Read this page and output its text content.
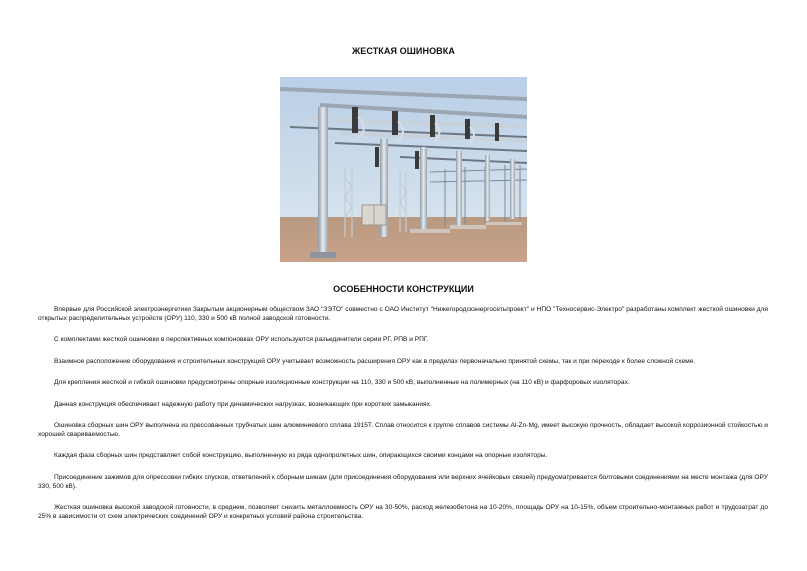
ЖЕСТКАЯ ОШИНОВКА
ОСОБЕННОСТИ КОНСТРУКЦИИ

Впервые для Российской электроэнергетики Закрытым акционерным обществом ЗАО "ЗЭТО" совместно с ОАО Институт "Нижегородскэнергосетьпроект" и НПО "Техносервис-Электро" разработаны комплект жесткой ошиновки для открытых распределительных устройств (ОРУ) 110, 330 и 500 кВ полной заводской готовности.

С комплектами жесткой ошиновки в перспективных компоновках ОРУ используются разъединители серии РГ, РПВ и РПГ.

Взаимное расположение оборудования и строительных конструкций ОРУ учитывает возможность расширения ОРУ как в пределах первоначально принятой схемы, так и при переходе к более сложной схеме.

Для крепления жесткой и гибкой ошиновки предусмотрены опорные изоляционные конструкции на 110, 330 и 500 кВ, выполненные на полимерных (на 110 кВ) и фарфоровых изоляторах.

Данная конструкция обеспечивает надежную работу при динамических нагрузках, возникающих при коротких замыканиях.

Ошиновка сборных шин ОРУ выполнена из прессованных трубчатых шин алюминиевого сплава 1915Т. Сплав относится к группе сплавов системы Al-Zn-Mg, имеет высокую прочность, обладает высокой коррозионной стойкостью и хорошей свариваемостью.

Каждая фаза сборных шин представляет собой конструкцию, выполненную из ряда однопролетных шин, опирающихся своими концами на опорные изоляторы.

Присоединение зажимов для опрессовки гибких спусков, ответвлений к сборным шинам (для присоединения оборудования или верхних ячейковых связей) предусматривается болтовыми соединениями на месте монтажа (для ОРУ 330, 500 кВ).

Жесткая ошиновка высокой заводской готовности, в среднем, позволяет снизить металлоемкость ОРУ на 30-50%, расход железобетона на 10-20%, площадь ОРУ на 10-15%, объем строительно-монтажных работ и трудозатрат до 25% в зависимости от схем электрических соединений ОРУ и конкретных условий района строительства.
